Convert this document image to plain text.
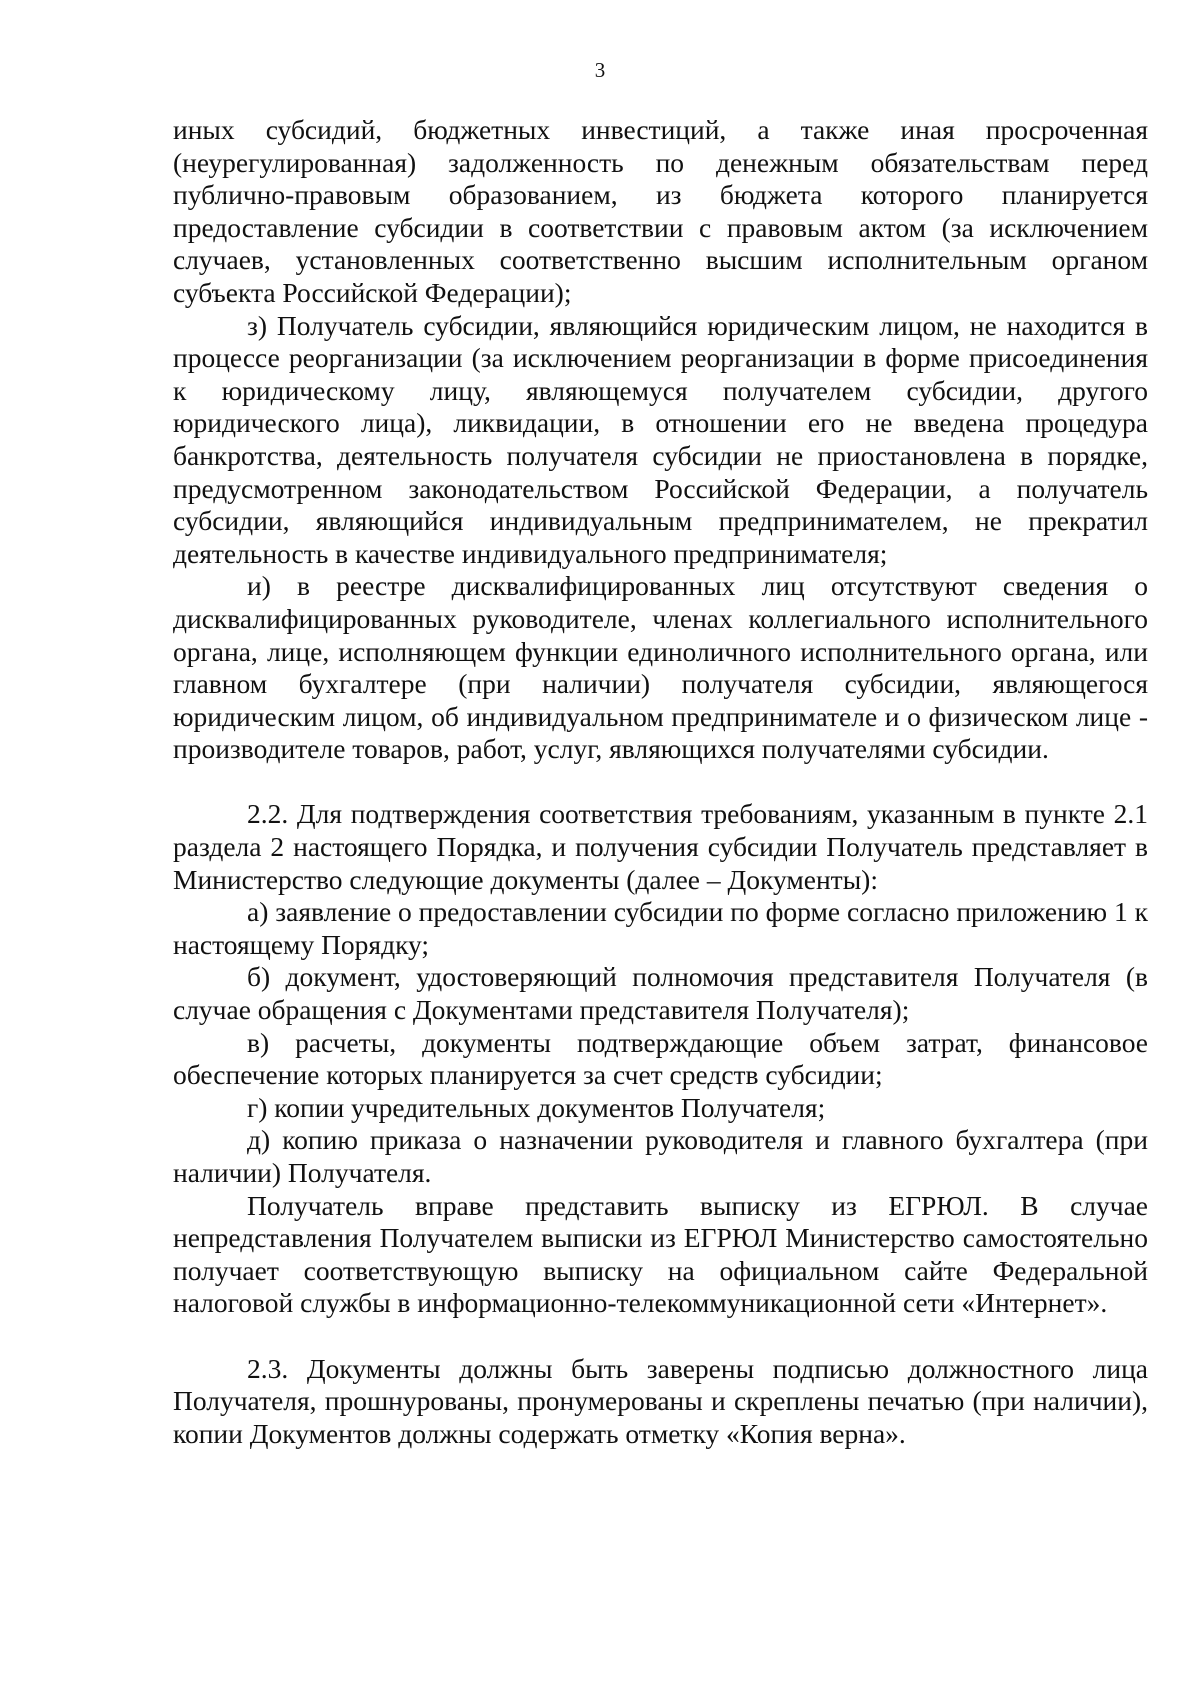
3

иных субсидий, бюджетных инвестиций, а также иная просроченная (неурегулированная) задолженность по денежным обязательствам перед публично-правовым образованием, из бюджета которого планируется предоставление субсидии в соответствии с правовым актом (за исключением случаев, установленных соответственно высшим исполнительным органом субъекта Российской Федерации);

з) Получатель субсидии, являющийся юридическим лицом, не находится в процессе реорганизации (за исключением реорганизации в форме присоединения к юридическому лицу, являющемуся получателем субсидии, другого юридического лица), ликвидации, в отношении его не введена процедура банкротства, деятельность получателя субсидии не приостановлена в порядке, предусмотренном законодательством Российской Федерации, а получатель субсидии, являющийся индивидуальным предпринимателем, не прекратил деятельность в качестве индивидуального предпринимателя;

и) в реестре дисквалифицированных лиц отсутствуют сведения о дисквалифицированных руководителе, членах коллегиального исполнительного органа, лице, исполняющем функции единоличного исполнительного органа, или главном бухгалтере (при наличии) получателя субсидии, являющегося юридическим лицом, об индивидуальном предпринимателе и о физическом лице - производителе товаров, работ, услуг, являющихся получателями субсидии.

2.2. Для подтверждения соответствия требованиям, указанным в пункте 2.1 раздела 2 настоящего Порядка, и получения субсидии Получатель представляет в Министерство следующие документы (далее – Документы):

а) заявление о предоставлении субсидии по форме согласно приложению 1 к настоящему Порядку;

б) документ, удостоверяющий полномочия представителя Получателя (в случае обращения с Документами представителя Получателя);

в) расчеты, документы подтверждающие объем затрат, финансовое обеспечение которых планируется за счет средств субсидии;

г) копии учредительных документов Получателя;

д) копию приказа о назначении руководителя и главного бухгалтера (при наличии) Получателя.

Получатель вправе представить выписку из ЕГРЮЛ. В случае непредставления Получателем выписки из ЕГРЮЛ Министерство самостоятельно получает соответствующую выписку на официальном сайте Федеральной налоговой службы в информационно-телекоммуникационной сети «Интернет».

2.3. Документы должны быть заверены подписью должностного лица Получателя, прошнурованы, пронумерованы и скреплены печатью (при наличии), копии Документов должны содержать отметку «Копия верна».
